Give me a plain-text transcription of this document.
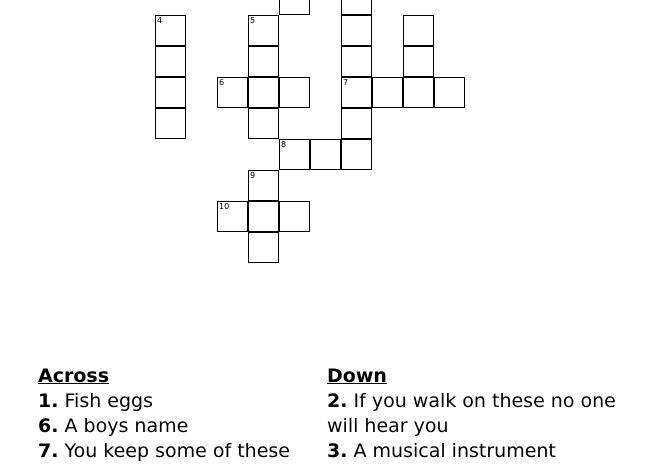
4	5
6	7
8
9
10

Across

1. Fish eggs

6. A boys name

7. You keep some of these

Down

2. If you walk on these no one will hear you

3. A musical instrument
